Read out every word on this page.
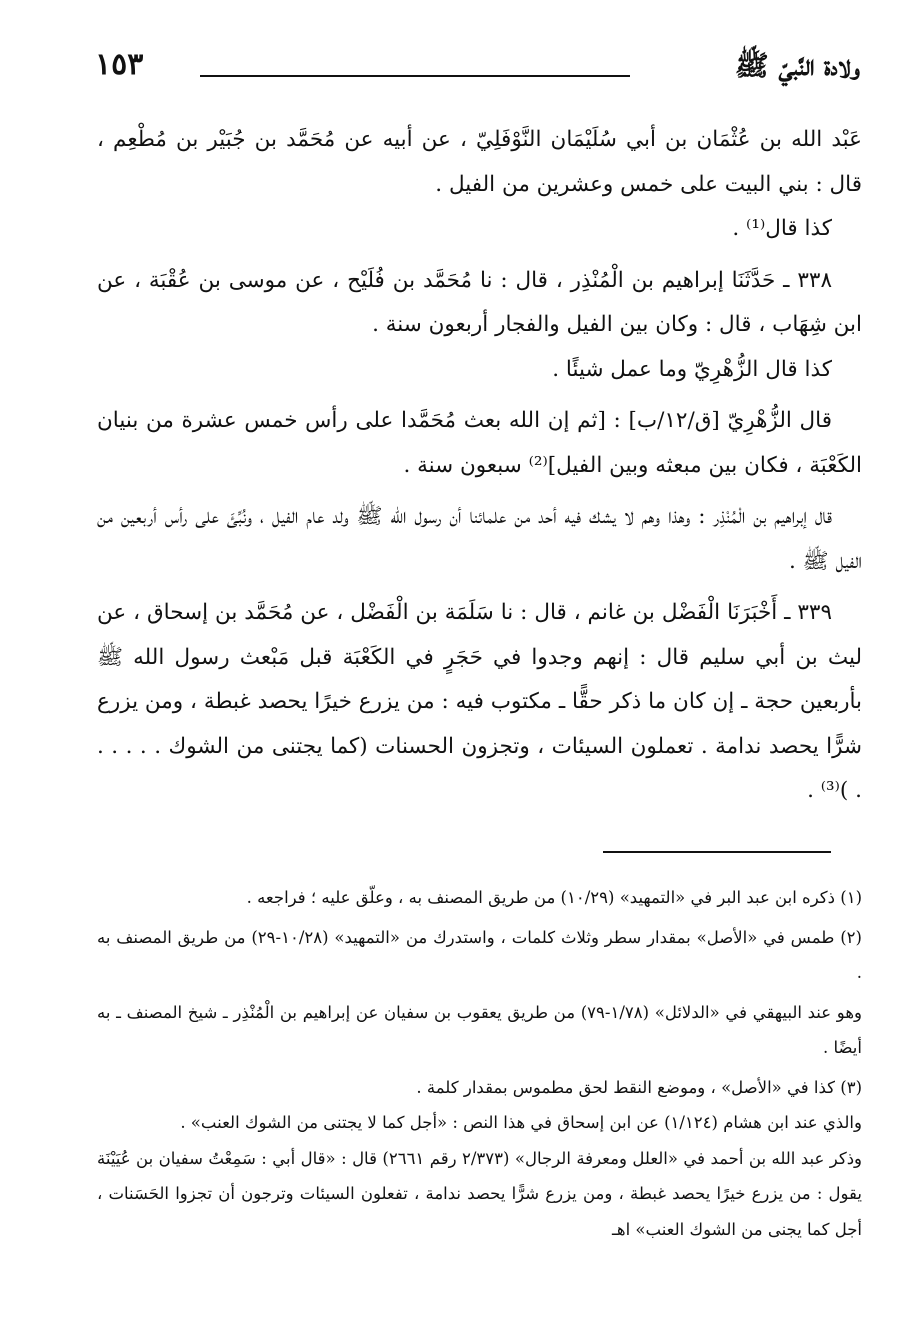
ولادة النَّبيّ ﷺ
١٥٣

عَبْد الله بن عُثْمَان بن أبي سُلَيْمَان النَّوْفَلِيّ ، عن أبيه عن مُحَمَّد بن جُبَيْر بن مُطْعِم ، قال : بني البيت على خمس وعشرين من الفيل .

كذا قال⁽¹⁾ .

٣٣٨ ـ حَدَّثَنَا إبراهيم بن الْمُنْذِر ، قال : نا مُحَمَّد بن فُلَيْح ، عن موسى بن عُقْبَة ، عن ابن شِهَاب ، قال : وكان بين الفيل والفجار أربعون سنة .

كذا قال الزُّهْرِيّ وما عمل شيئًا .

قال الزُّهْرِيّ [ق/١٢/ب] : [ثم إن الله بعث مُحَمَّدا على رأس خمس عشرة من بنيان الكَعْبَة ، فكان بين مبعثه وبين الفيل]⁽²⁾ سبعون سنة .

قال إبراهيم بن الْمُنْذِر : وهذا وهم لا يشك فيه أحد من علمائنا أن رسول الله ﷺ ولد عام الفيل ، ونُبِّئَ على رأس أربعين من الفيل ﷺ .

٣٣٩ ـ أَخْبَرَنَا الْفَضْل بن غانم ، قال : نا سَلَمَة بن الْفَضْل ، عن مُحَمَّد بن إسحاق ، عن ليث بن أبي سليم قال : إنهم وجدوا في حَجَرٍ في الكَعْبَة قبل مَبْعث رسول الله ﷺ بأربعين حجة ـ إن كان ما ذكر حقًّا ـ مكتوب فيه : من يزرع خيرًا يحصد غبطة ، ومن يزرع شرًّا يحصد ندامة . تعملون السيئات ، وتجزون الحسنات (كما يجتنى من الشوك . . . . . . )⁽³⁾ .

(١) ذكره ابن عبد البر في «التمهيد» (١٠/٢٩) من طريق المصنف به ، وعلّق عليه ؛ فراجعه .

(٢) طمس في «الأصل» بمقدار سطر وثلاث كلمات ، واستدرك من «التمهيد» (١٠/٢٨-٢٩) من طريق المصنف به .

وهو عند البيهقي في «الدلائل» (١/٧٨-٧٩) من طريق يعقوب بن سفيان عن إبراهيم بن الْمُنْذِر ـ شيخ المصنف ـ به أيضًا .

(٣) كذا في «الأصل» ، وموضع النقط لحق مطموس بمقدار كلمة .

والذي عند ابن هشام (١/١٢٤) عن ابن إسحاق في هذا النص : «أجل كما لا يجتنى من الشوك العنب» .

وذكر عبد الله بن أحمد في «العلل ومعرفة الرجال» (٢/٣٧٣ رقم ٢٦٦١) قال : «قال أبي : سَمِعْتُ سفيان بن عُيَيْنَة يقول : من يزرع خيرًا يحصد غبطة ، ومن يزرع شرًّا يحصد ندامة ، تفعلون السيئات وترجون أن تجزوا الحَسَنات ، أجل كما يجنى من الشوك العنب» اهـ
